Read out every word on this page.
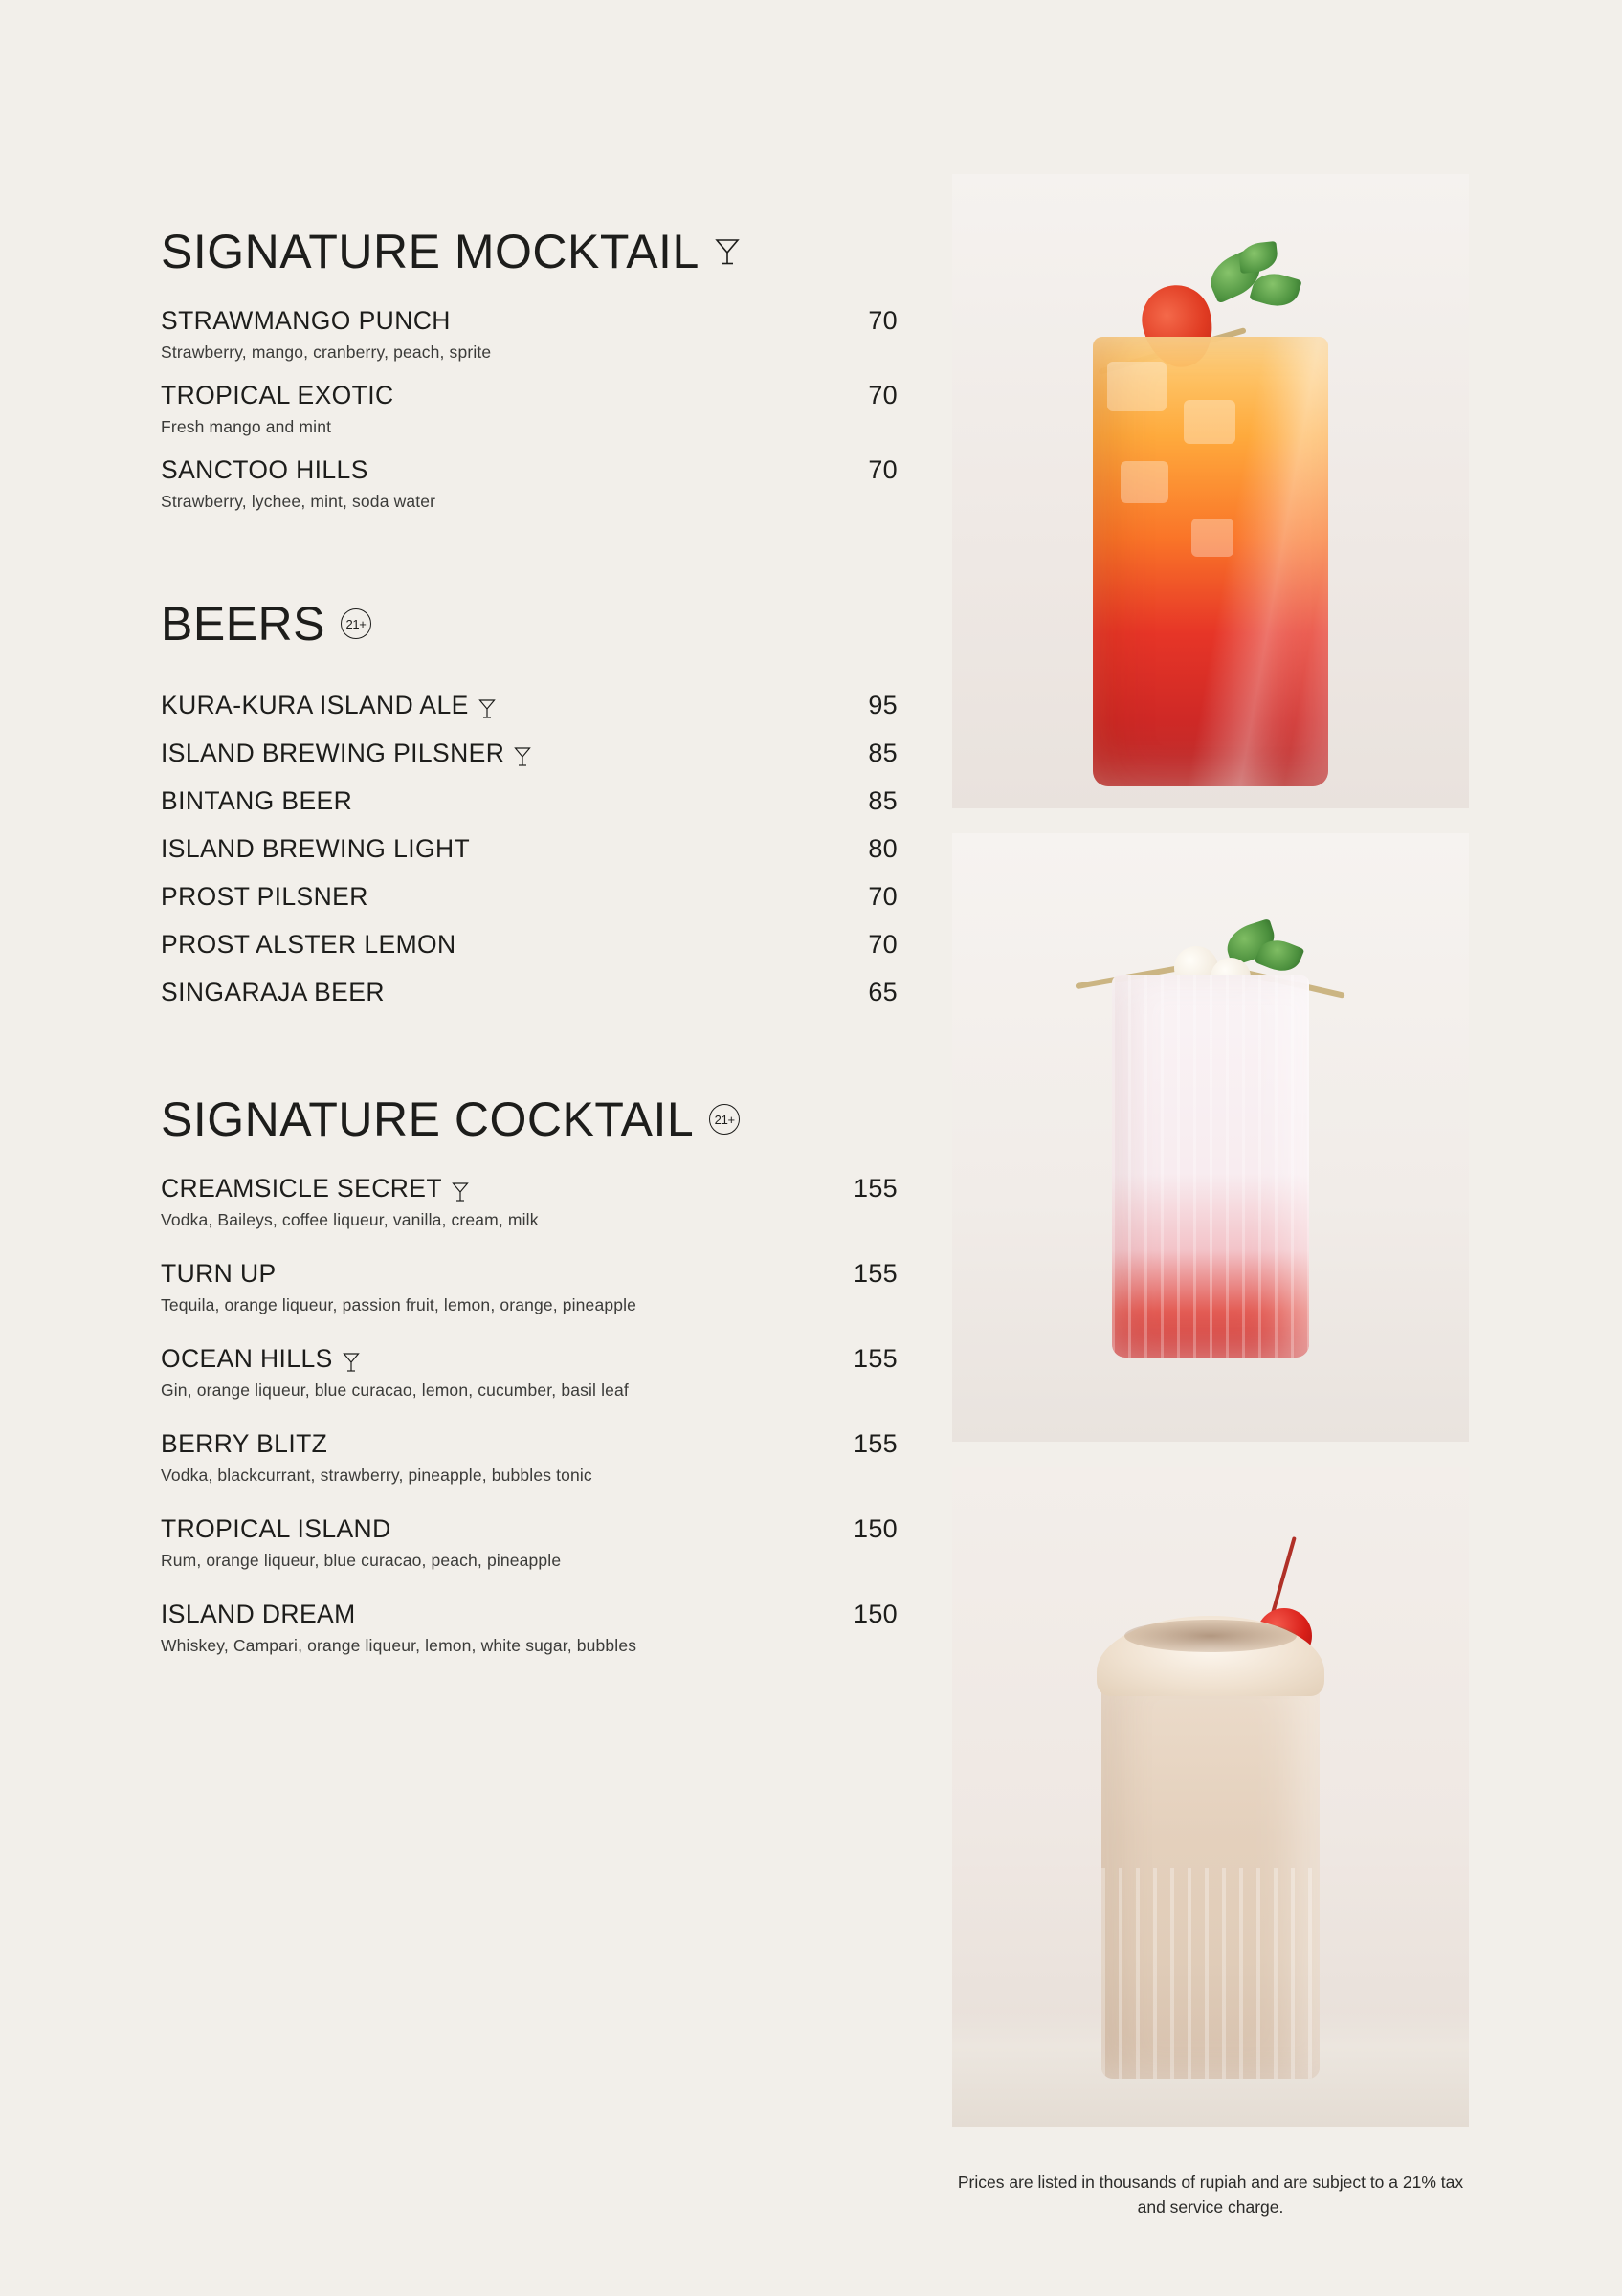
SIGNATURE MOCKTAIL
STRAWMANGO PUNCH	70
Strawberry, mango, cranberry, peach, sprite
TROPICAL EXOTIC	70
Fresh mango and mint
SANCTOO HILLS	70
Strawberry, lychee, mint, soda water
BEERS	21+
KURA-KURA ISLAND ALE	95
ISLAND BREWING PILSNER	85
BINTANG BEER	85
ISLAND BREWING LIGHT	80
PROST PILSNER	70
PROST ALSTER LEMON	70
SINGARAJA BEER	65
SIGNATURE COCKTAIL	21+
CREAMSICLE SECRET	155
Vodka, Baileys, coffee liqueur, vanilla, cream, milk
TURN UP	155
Tequila, orange liqueur, passion fruit, lemon, orange, pineapple
OCEAN HILLS	155
Gin, orange liqueur, blue curacao, lemon, cucumber, basil leaf
BERRY BLITZ	155
Vodka, blackcurrant, strawberry, pineapple, bubbles tonic
TROPICAL ISLAND	150
Rum, orange liqueur, blue curacao, peach, pineapple
ISLAND DREAM	150
Whiskey, Campari, orange liqueur, lemon, white sugar, bubbles
Prices are listed in thousands of rupiah and are subject to a 21% tax and service charge.
